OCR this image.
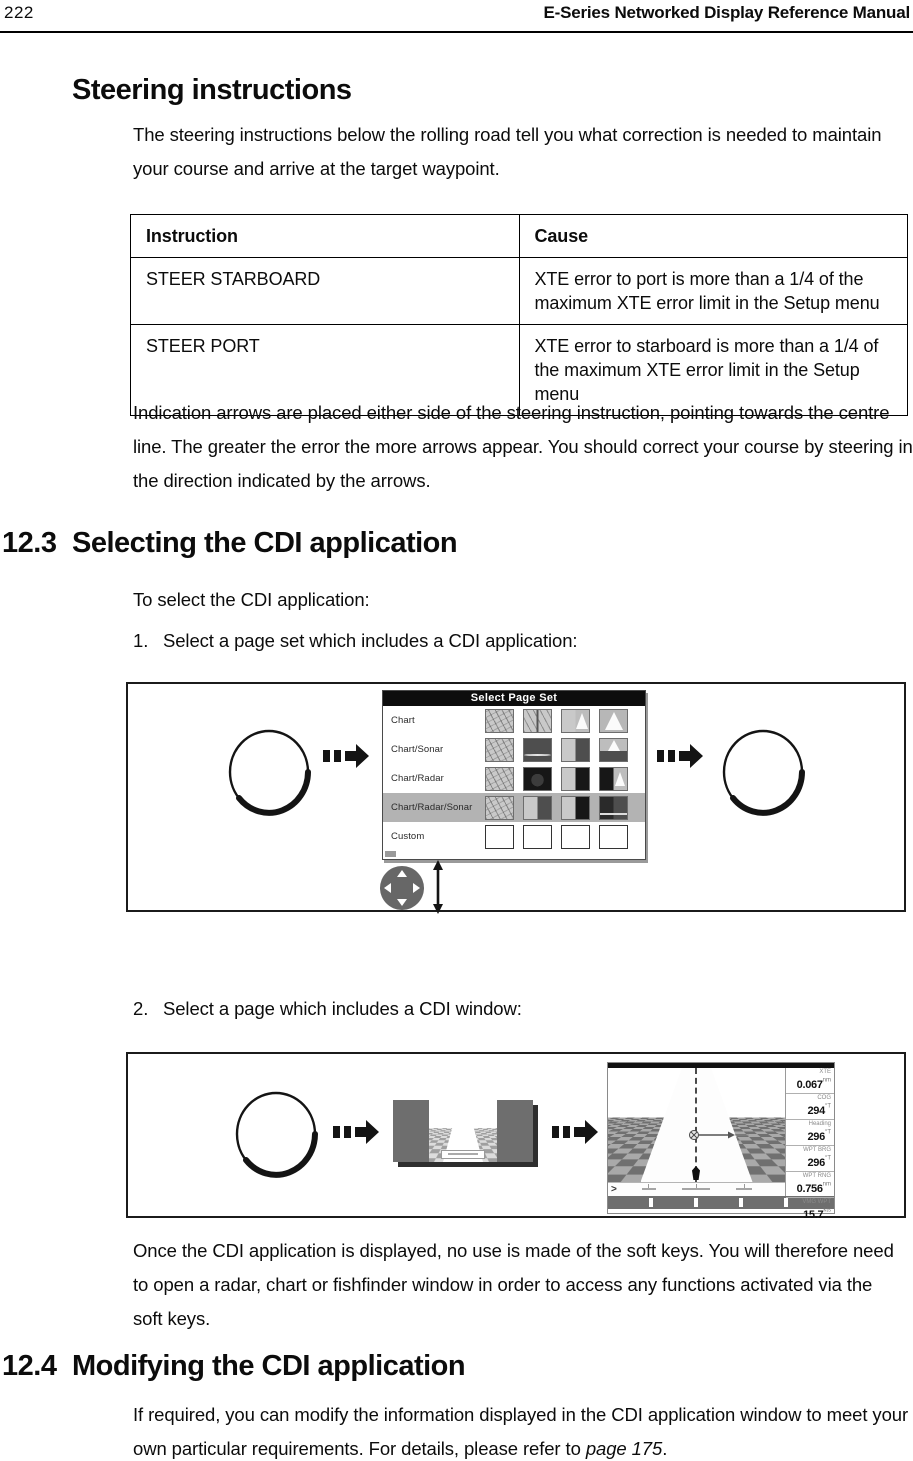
222	E-Series Networked Display Reference Manual
Steering instructions
The steering instructions below the rolling road tell you what correction is needed to maintain your course and arrive at the target waypoint.
Instruction	Cause
STEER STARBOARD	XTE error to port is more than a 1/4 of the maximum XTE error limit in the Setup menu
STEER PORT	XTE error to starboard is more than a 1/4 of the maximum XTE error limit in the Setup menu
Indication arrows are placed either side of the steering instruction, pointing towards the centre line. The greater the error the more arrows appear. You should correct your course by steering in the direction indicated by the arrows.
12.3 Selecting the CDI application
To select the CDI application:
1. Select a page set which includes a CDI application:
Select Page Set
Chart
Chart/Sonar
Chart/Radar
Chart/Radar/Sonar
Custom
2. Select a page which includes a CDI window:
>
XTE
$0.067^{nm}$
COG
$294^{^\circ T}$
Heading
$296^{^\circ T}$
WPT BRG
$296^{^\circ T}$
WPT RNG
$0.756^{nm}$
VMG WPT
$15.7^{kts}$
Once the CDI application is displayed, no use is made of the soft keys. You will therefore need to open a radar, chart or fishfinder window in order to access any functions activated via the soft keys.
12.4 Modifying the CDI application
If required, you can modify the information displayed in the CDI application window to meet your own particular requirements. For details, please refer to page 175.
